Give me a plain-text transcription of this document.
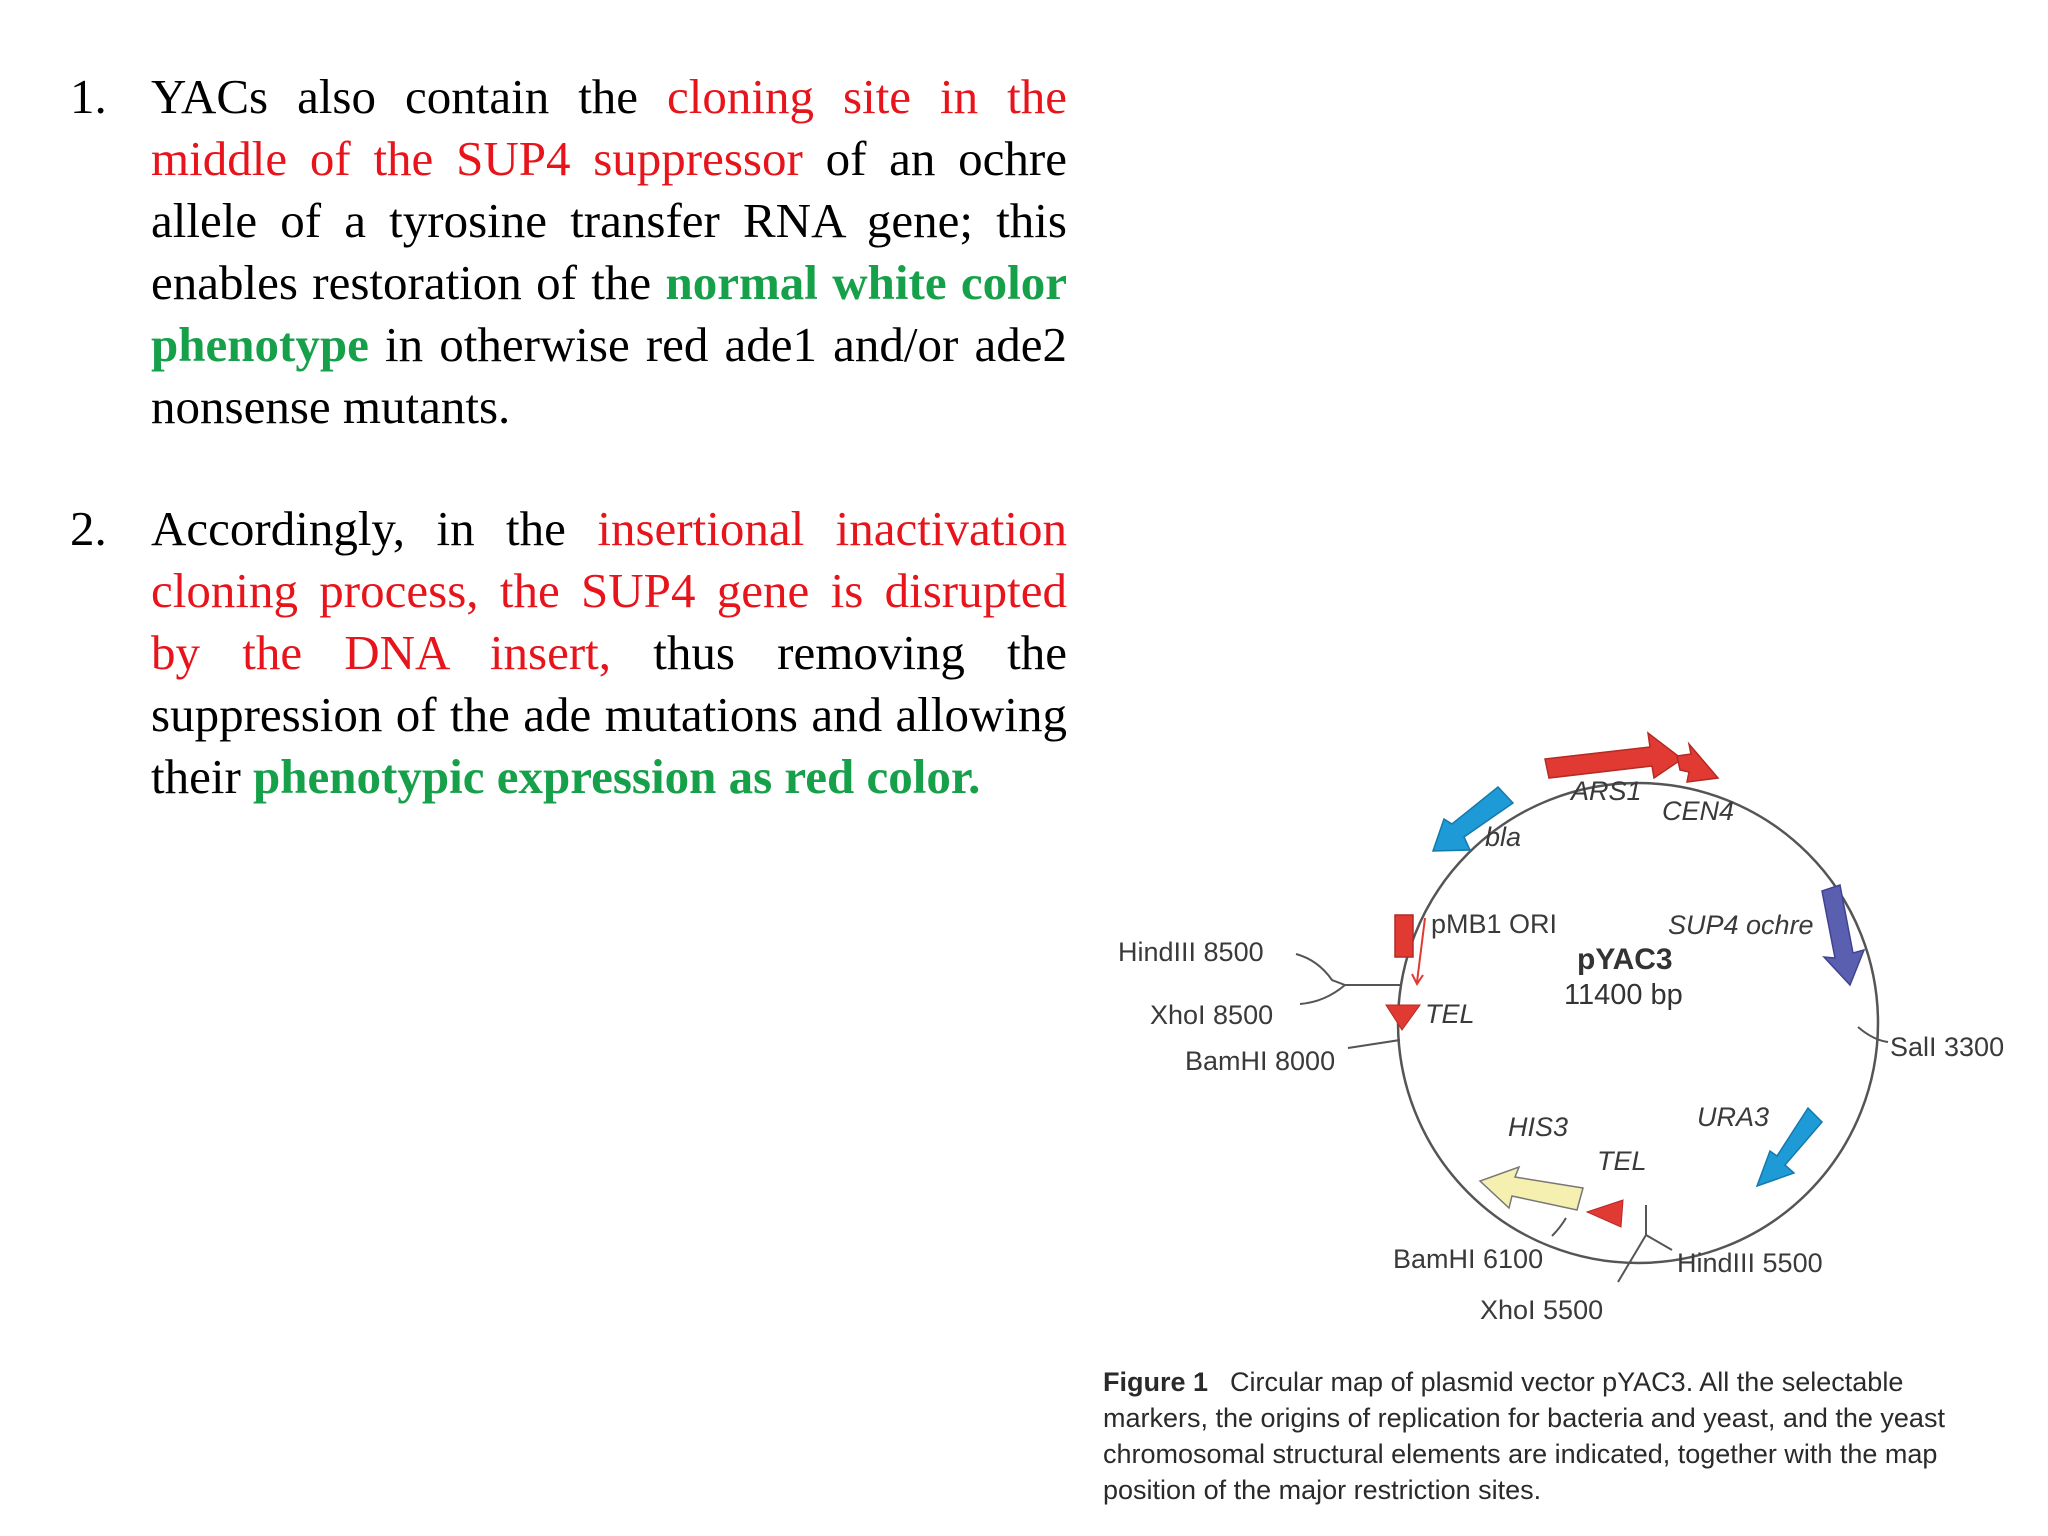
1. YACs also contain the cloning site in the middle of the SUP4 suppressor of an ochre allele of a tyrosine transfer RNA gene; this enables restoration of the normal white color phenotype in otherwise red ade1 and/or ade2 nonsense mutants.
2. Accordingly, in the insertional inactivation cloning process, the SUP4 gene is disrupted by the DNA insert, thus removing the suppression of the ade mutations and allowing their phenotypic expression as red color.	ARS1
CEN4
bla
SUP4 ochre
pMB1 ORI
TEL
HIS3
TEL
URA3
pYAC3
11400 bp
HindIII 8500
XhoI 8500
BamHI 8000	SalI 3300
BamHI 6100
XhoI 5500
HindIII 5500
Figure 1 Circular map of plasmid vector pYAC3. All the selectable markers, the origins of replication for bacteria and yeast, and the yeast chromosomal structural elements are indicated, together with the map position of the major restriction sites.
